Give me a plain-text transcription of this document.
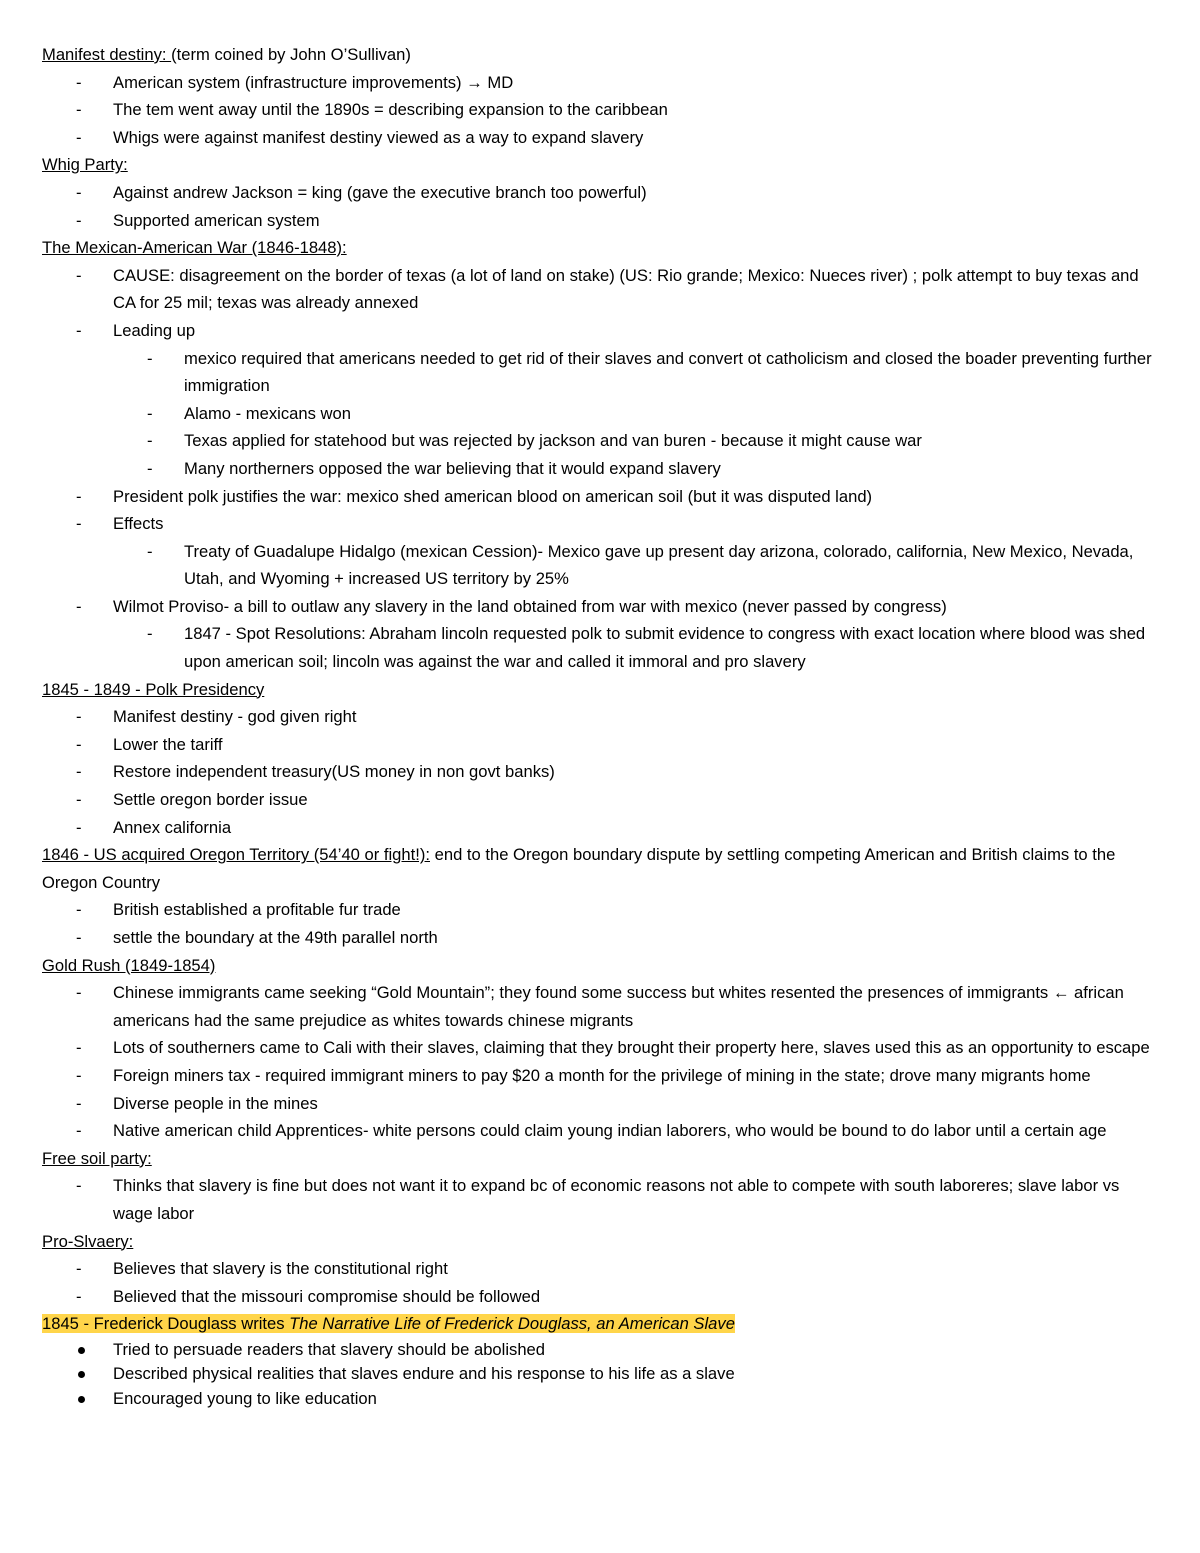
Manifest destiny: (term coined by John O’Sullivan)
- American system (infrastructure improvements) → MD
- The tem went away until the 1890s = describing expansion to the caribbean
- Whigs were against manifest destiny viewed as a way to expand slavery
Whig Party:
- Against andrew Jackson = king (gave the executive branch too powerful)
- Supported american system
The Mexican-American War (1846-1848):
- CAUSE: disagreement on the border of texas (a lot of land on stake) (US: Rio grande; Mexico: Nueces river) ; polk attempt to buy texas and CA for 25 mil; texas was already annexed
- Leading up
- mexico required that americans needed to get rid of their slaves and convert ot catholicism and closed the boader preventing further immigration
- Alamo - mexicans won
- Texas applied for statehood but was rejected by jackson and van buren - because it might cause war
- Many northerners opposed the war believing that it would expand slavery
- President polk justifies the war: mexico shed american blood on american soil (but it was disputed land)
- Effects
- Treaty of Guadalupe Hidalgo (mexican Cession)- Mexico gave up present day arizona, colorado, california, New Mexico, Nevada, Utah, and Wyoming + increased US territory by 25%
- Wilmot Proviso- a bill to outlaw any slavery in the land obtained from war with mexico (never passed by congress)
- 1847 - Spot Resolutions: Abraham lincoln requested polk to submit evidence to congress with exact location where blood was shed upon american soil; lincoln was against the war and called it immoral and pro slavery
1845 - 1849 - Polk Presidency
- Manifest destiny - god given right
- Lower the tariff
- Restore independent treasury(US money in non govt banks)
- Settle oregon border issue
- Annex california
1846 - US acquired Oregon Territory (54’40 or fight!): end to the Oregon boundary dispute by settling competing American and British claims to the Oregon Country
- British established a profitable fur trade
- settle the boundary at the 49th parallel north
Gold Rush (1849-1854)
- Chinese immigrants came seeking “Gold Mountain”; they found some success but whites resented the presences of immigrants ← african americans had the same prejudice as whites towards chinese migrants
- Lots of southerners came to Cali with their slaves, claiming that they brought their property here, slaves used this as an opportunity to escape
- Foreign miners tax - required immigrant miners to pay $20 a month for the privilege of mining in the state; drove many migrants home
- Diverse people in the mines
- Native american child Apprentices- white persons could claim young indian laborers, who would be bound to do labor until a certain age
Free soil party:
- Thinks that slavery is fine but does not want it to expand bc of economic reasons not able to compete with south laboreres; slave labor vs wage labor
Pro-Slvaery:
- Believes that slavery is the constitutional right
- Believed that the missouri compromise should be followed
1845 - Frederick Douglass writes The Narrative Life of Frederick Douglass, an American Slave
Tried to persuade readers that slavery should be abolished
Described physical realities that slaves endure and his response to his life as a slave
Encouraged young to like education
